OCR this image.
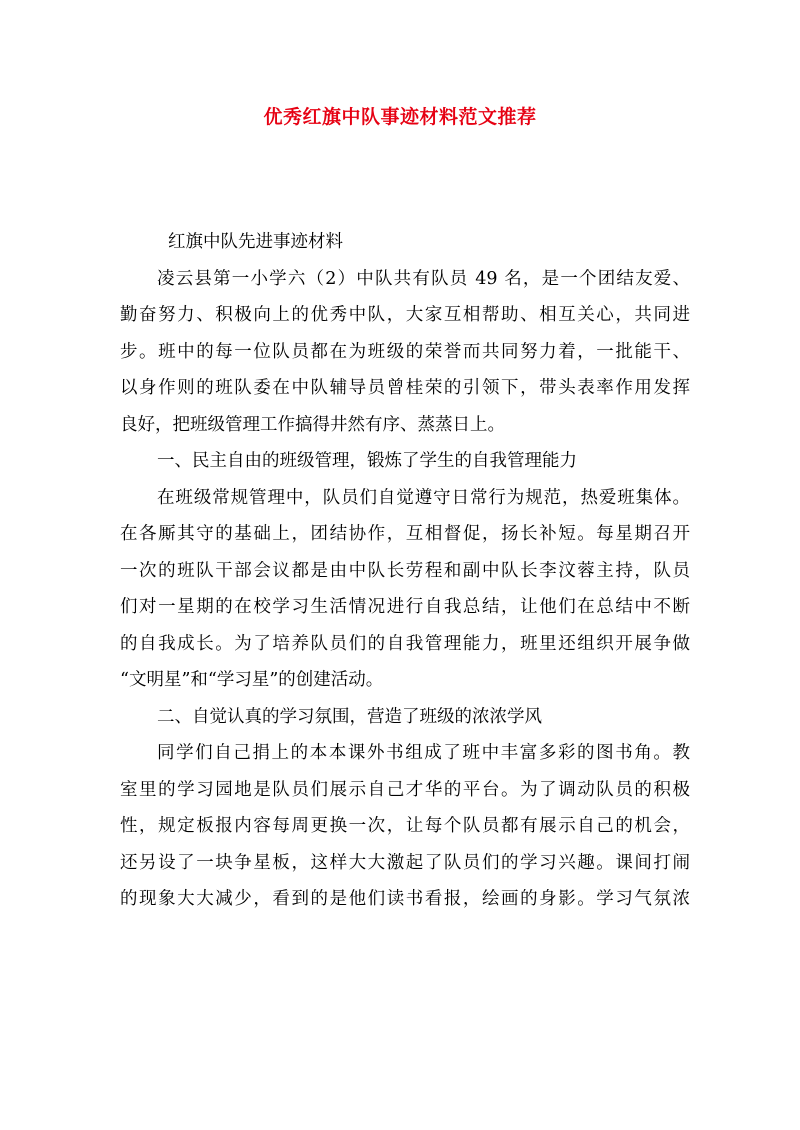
优秀红旗中队事迹材料范文推荐
红旗中队先进事迹材料
凌云县第一小学六（2）中队共有队员 49 名，是一个团结友爱、
勤奋努力、积极向上的优秀中队，大家互相帮助、相互关心，共同进
步。班中的每一位队员都在为班级的荣誉而共同努力着，一批能干、
以身作则的班队委在中队辅导员曾桂荣的引领下，带头表率作用发挥
良好，把班级管理工作搞得井然有序、蒸蒸日上。
一、民主自由的班级管理，锻炼了学生的自我管理能力
在班级常规管理中，队员们自觉遵守日常行为规范，热爱班集体。
在各厮其守的基础上，团结协作，互相督促，扬长补短。每星期召开
一次的班队干部会议都是由中队长劳程和副中队长李汶蓉主持，队员
们对一星期的在校学习生活情况进行自我总结，让他们在总结中不断
的自我成长。为了培养队员们的自我管理能力，班里还组织开展争做
“文明星”和“学习星”的创建活动。
二、自觉认真的学习氛围，营造了班级的浓浓学风
同学们自己捐上的本本课外书组成了班中丰富多彩的图书角。教
室里的学习园地是队员们展示自己才华的平台。为了调动队员的积极
性，规定板报内容每周更换一次，让每个队员都有展示自己的机会，
还另设了一块争星板，这样大大激起了队员们的学习兴趣。课间打闹
的现象大大减少，看到的是他们读书看报，绘画的身影。学习气氛浓
